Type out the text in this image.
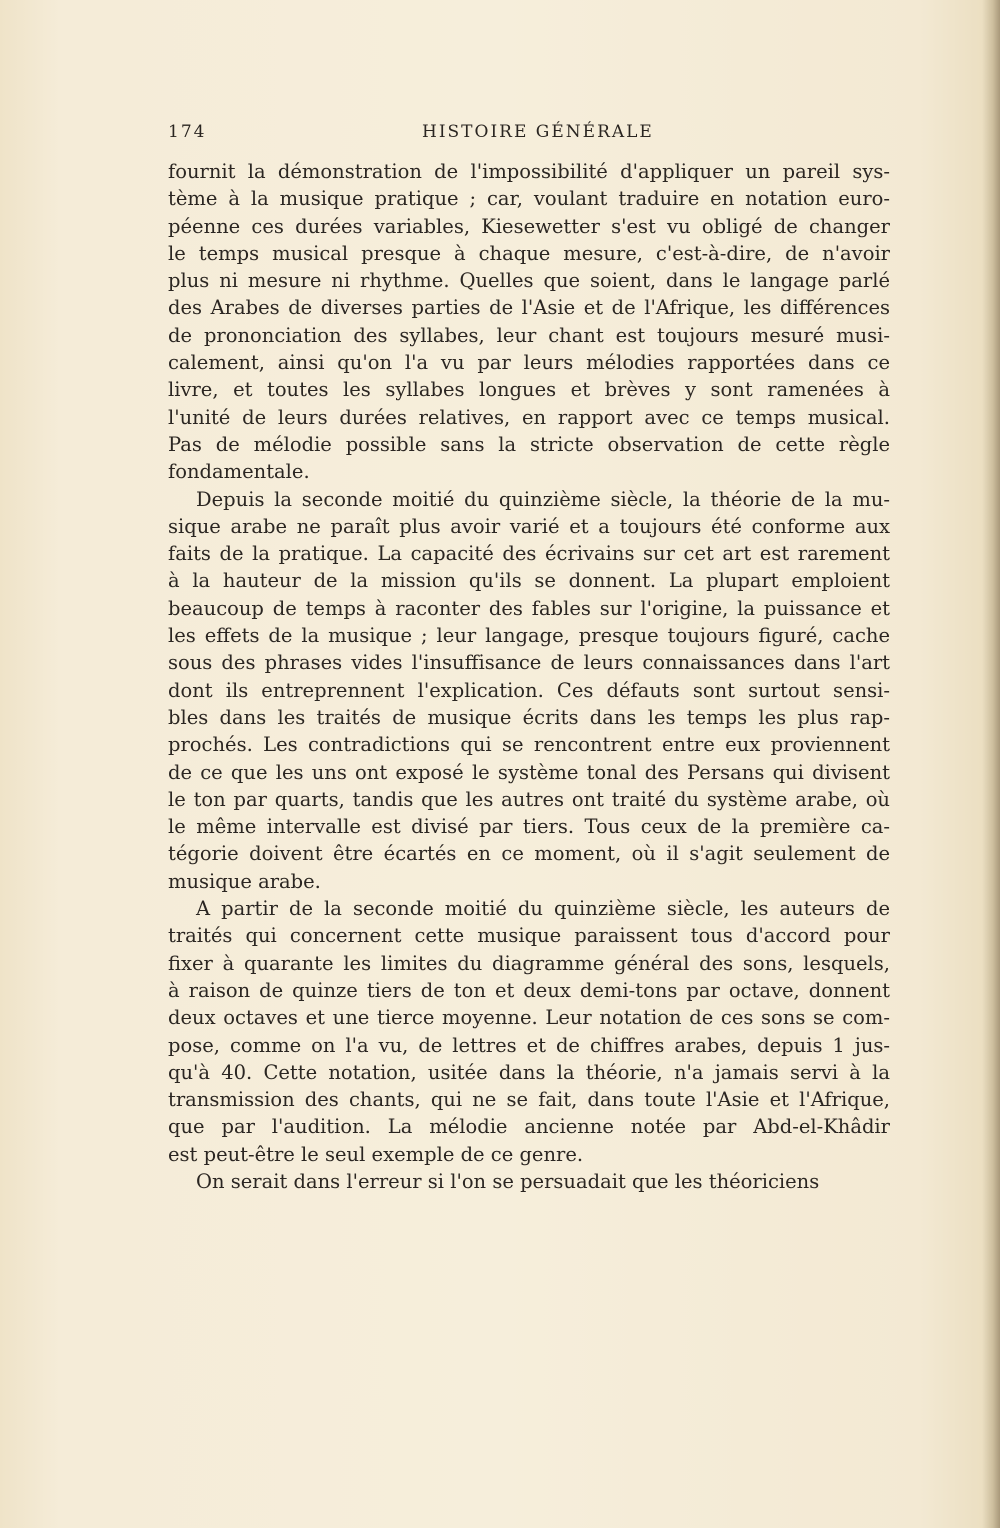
174	HISTOIRE GÉNÉRALE
fournit la démonstration de l'impossibilité d'appliquer un pareil sys-
tème à la musique pratique ; car, voulant traduire en notation euro-
péenne ces durées variables, Kiesewetter s'est vu obligé de changer
le temps musical presque à chaque mesure, c'est-à-dire, de n'avoir
plus ni mesure ni rhythme. Quelles que soient, dans le langage parlé
des Arabes de diverses parties de l'Asie et de l'Afrique, les différences
de prononciation des syllabes, leur chant est toujours mesuré musi-
calement, ainsi qu'on l'a vu par leurs mélodies rapportées dans ce
livre, et toutes les syllabes longues et brèves y sont ramenées à
l'unité de leurs durées relatives, en rapport avec ce temps musical.
Pas de mélodie possible sans la stricte observation de cette règle
fondamentale.
Depuis la seconde moitié du quinzième siècle, la théorie de la mu-
sique arabe ne paraît plus avoir varié et a toujours été conforme aux
faits de la pratique. La capacité des écrivains sur cet art est rarement
à la hauteur de la mission qu'ils se donnent. La plupart emploient
beaucoup de temps à raconter des fables sur l'origine, la puissance et
les effets de la musique ; leur langage, presque toujours figuré, cache
sous des phrases vides l'insuffisance de leurs connaissances dans l'art
dont ils entreprennent l'explication. Ces défauts sont surtout sensi-
bles dans les traités de musique écrits dans les temps les plus rap-
prochés. Les contradictions qui se rencontrent entre eux proviennent
de ce que les uns ont exposé le système tonal des Persans qui divisent
le ton par quarts, tandis que les autres ont traité du système arabe, où
le même intervalle est divisé par tiers. Tous ceux de la première ca-
tégorie doivent être écartés en ce moment, où il s'agit seulement de
musique arabe.
A partir de la seconde moitié du quinzième siècle, les auteurs de
traités qui concernent cette musique paraissent tous d'accord pour
fixer à quarante les limites du diagramme général des sons, lesquels,
à raison de quinze tiers de ton et deux demi-tons par octave, donnent
deux octaves et une tierce moyenne. Leur notation de ces sons se com-
pose, comme on l'a vu, de lettres et de chiffres arabes, depuis 1 jus-
qu'à 40. Cette notation, usitée dans la théorie, n'a jamais servi à la
transmission des chants, qui ne se fait, dans toute l'Asie et l'Afrique,
que par l'audition. La mélodie ancienne notée par Abd-el-Khâdir
est peut-être le seul exemple de ce genre.
On serait dans l'erreur si l'on se persuadait que les théoriciens
